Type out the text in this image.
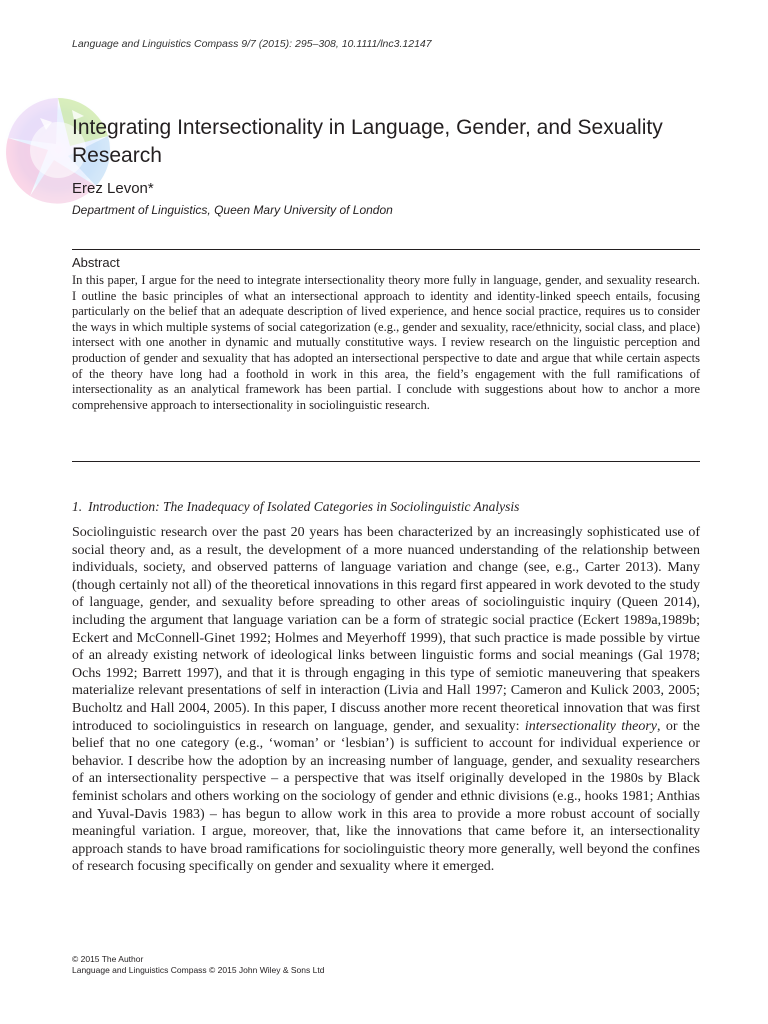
Language and Linguistics Compass 9/7 (2015): 295–308, 10.1111/lnc3.12147
Integrating Intersectionality in Language, Gender, and Sexuality Research
Erez Levon*
Department of Linguistics, Queen Mary University of London
Abstract

In this paper, I argue for the need to integrate intersectionality theory more fully in language, gender, and sexuality research. I outline the basic principles of what an intersectional approach to identity and identity-linked speech entails, focusing particularly on the belief that an adequate description of lived experience, and hence social practice, requires us to consider the ways in which multiple systems of social categorization (e.g., gender and sexuality, race/ethnicity, social class, and place) intersect with one another in dynamic and mutually constitutive ways. I review research on the linguistic perception and production of gender and sexuality that has adopted an intersectional perspective to date and argue that while certain aspects of the theory have long had a foothold in work in this area, the field’s engagement with the full ramifications of intersectionality as an analytical framework has been partial. I conclude with suggestions about how to anchor a more comprehensive approach to intersectionality in sociolinguistic research.

1. Introduction: The Inadequacy of Isolated Categories in Sociolinguistic Analysis

Sociolinguistic research over the past 20 years has been characterized by an increasingly sophisticated use of social theory and, as a result, the development of a more nuanced understanding of the relationship between individuals, society, and observed patterns of language variation and change (see, e.g., Carter 2013). Many (though certainly not all) of the theoretical innovations in this regard first appeared in work devoted to the study of language, gender, and sexuality before spreading to other areas of sociolinguistic inquiry (Queen 2014), including the argument that language variation can be a form of strategic social practice (Eckert 1989a,1989b; Eckert and McConnell-Ginet 1992; Holmes and Meyerhoff 1999), that such practice is made possible by virtue of an already existing network of ideological links between linguistic forms and social meanings (Gal 1978; Ochs 1992; Barrett 1997), and that it is through engaging in this type of semiotic maneuvering that speakers materialize relevant presentations of self in interaction (Livia and Hall 1997; Cameron and Kulick 2003, 2005; Bucholtz and Hall 2004, 2005). In this paper, I discuss another more recent theoretical innovation that was first introduced to sociolinguistics in research on language, gender, and sexuality: intersectionality theory, or the belief that no one category (e.g., ‘woman’ or ‘lesbian’) is sufficient to account for individual experience or behavior. I describe how the adoption by an increasing number of language, gender, and sexuality researchers of an intersectionality perspective – a perspective that was itself originally developed in the 1980s by Black feminist scholars and others working on the sociology of gender and ethnic divisions (e.g., hooks 1981; Anthias and Yuval-Davis 1983) – has begun to allow work in this area to provide a more robust account of socially meaningful variation. I argue, moreover, that, like the innovations that came before it, an intersectionality approach stands to have broad ramifications for sociolinguistic theory more generally, well beyond the confines of research focusing specifically on gender and sexuality where it emerged.

© 2015 The Author
Language and Linguistics Compass © 2015 John Wiley & Sons Ltd
